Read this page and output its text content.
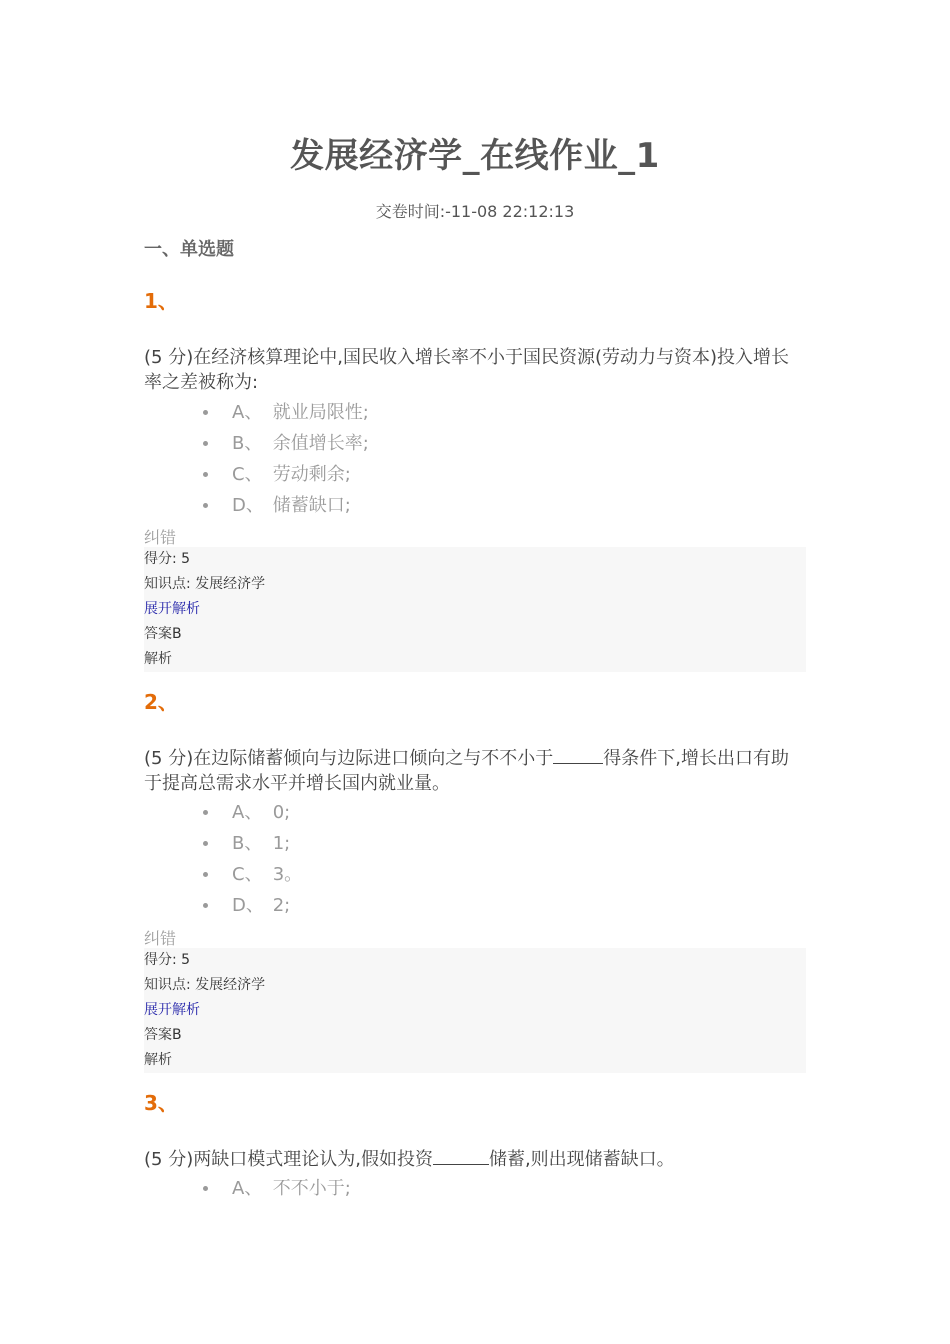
发展经济学_在线作业_1
交卷时间:-11-08 22:12:13
一、单选题
1、
(5 分)在经济核算理论中,国民收入增长率不小于国民资源(劳动力与资本)投入增长
率之差被称为:
A、 就业局限性;
B、 余值增长率;
C、 劳动剩余;
D、 储蓄缺口;
纠错
得分: 5
知识点: 发展经济学
展开解析
答案B
解析
2、
(5 分)在边际储蓄倾向与边际进口倾向之与不不小于	得条件下,增长出口有助
于提高总需求水平并增长国内就业量。
A、 0;
B、 1;
C、 3。
D、 2;
纠错
得分: 5
知识点: 发展经济学
展开解析
答案B
解析
3、
(5 分)两缺口模式理论认为,假如投资	储蓄,则出现储蓄缺口。
A、 不不小于;
